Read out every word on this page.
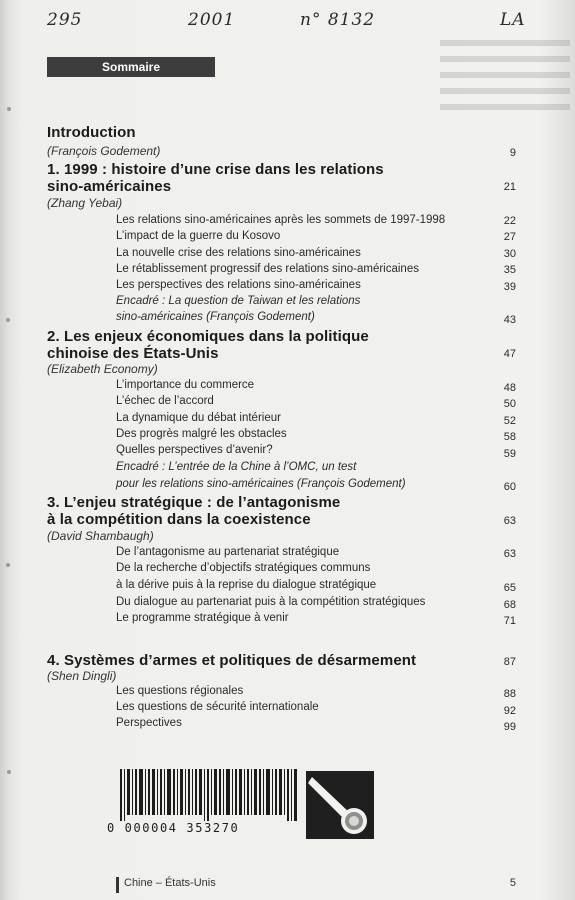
295	2001	n° 8132	LA
Sommaire
Introduction
(François Godement)	9
1. 1999 : histoire d’une crise dans les relations
sino-américaines	21
(Zhang Yebai)
Les relations sino-américaines après les sommets de 1997-1998	22
L’impact de la guerre du Kosovo	27
La nouvelle crise des relations sino-américaines	30
Le rétablissement progressif des relations sino-américaines	35
Les perspectives des relations sino-américaines	39
Encadré : La question de Taiwan et les relations
sino-américaines (François Godement)	43
2. Les enjeux économiques dans la politique
chinoise des États-Unis	47
(Elizabeth Economy)
L’importance du commerce	48
L’échec de l’accord	50
La dynamique du débat intérieur	52
Des progrès malgré les obstacles	58
Quelles perspectives d’avenir?	59
Encadré : L’entrée de la Chine à l’OMC, un test
pour les relations sino-américaines (François Godement)	60
3. L’enjeu stratégique : de l’antagonisme
à la compétition dans la coexistence	63
(David Shambaugh)
De l’antagonisme au partenariat stratégique	63
De la recherche d’objectifs stratégiques communs
à la dérive puis à la reprise du dialogue stratégique	65
Du dialogue au partenariat puis à la compétition stratégiques	68
Le programme stratégique à venir	71
4. Systèmes d’armes et politiques de désarmement	87
(Shen Dingli)
Les questions régionales	88
Les questions de sécurité internationale	92
Perspectives	99
0 000004 353270
Chine – États-Unis	5
